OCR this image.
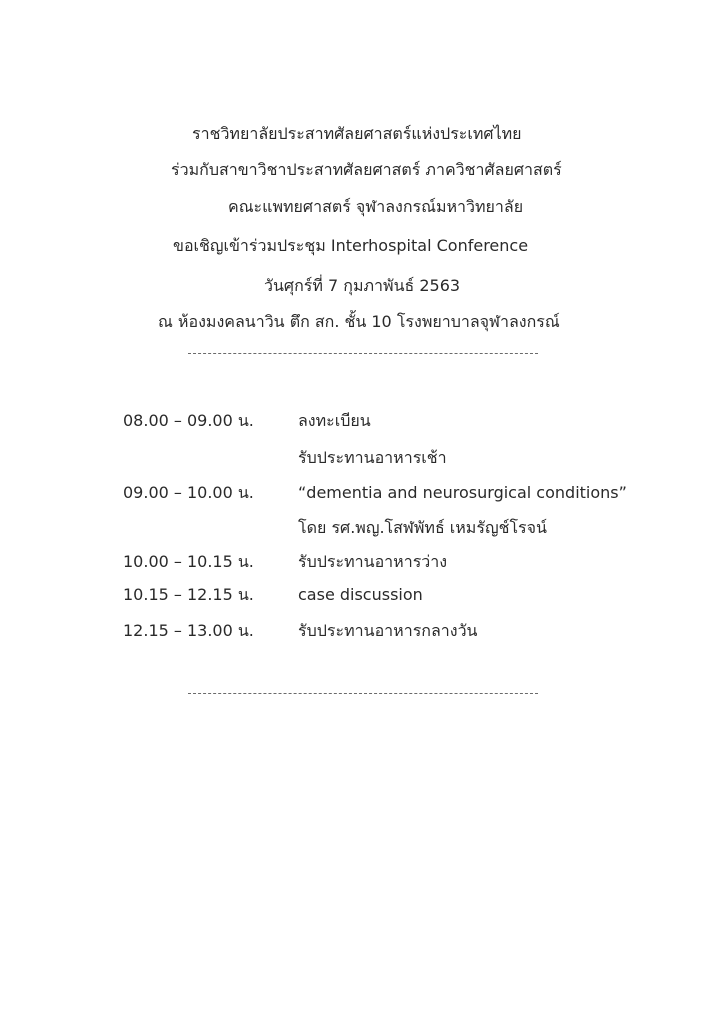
ราชวิทยาลัยประสาทศัลยศาสตร์แห่งประเทศไทย
ร่วมกับสาขาวิชาประสาทศัลยศาสตร์ ภาควิชาศัลยศาสตร์
คณะแพทยศาสตร์ จุฬาลงกรณ์มหาวิทยาลัย
ขอเชิญเข้าร่วมประชุม Interhospital Conference
วันศุกร์ที่ 7 กุมภาพันธ์ 2563
ณ ห้องมงคลนาวิน ตึก สก. ชั้น 10 โรงพยาบาลจุฬาลงกรณ์
08.00 – 09.00 น.	ลงทะเบียน
รับประทานอาหารเช้า
09.00 – 10.00 น.	“dementia and neurosurgical conditions”
โดย รศ.พญ.โสฬพัทธ์ เหมรัญช์โรจน์
10.00 – 10.15 น.	รับประทานอาหารว่าง
10.15 – 12.15 น.	case discussion
12.15 – 13.00 น.	รับประทานอาหารกลางวัน
